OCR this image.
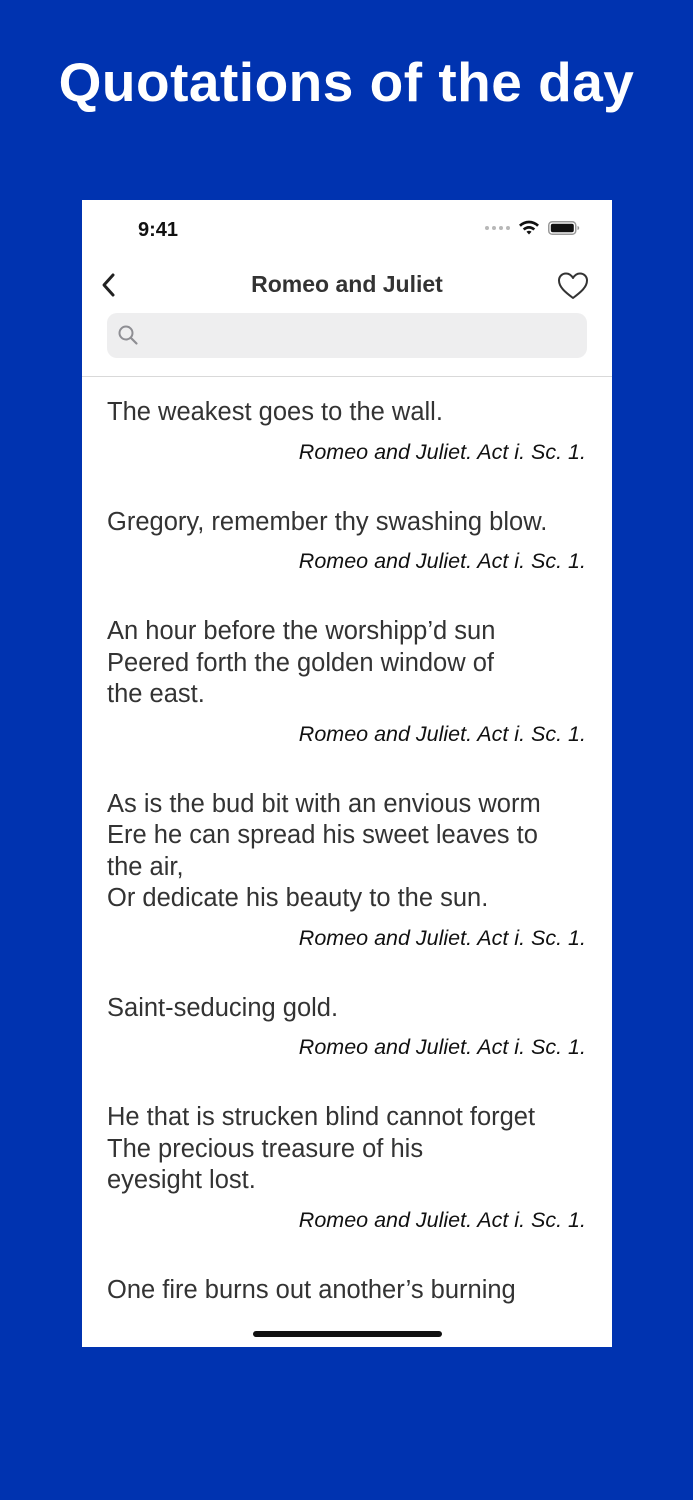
Quotations of the day
9:41
Romeo and Juliet
The weakest goes to the wall.
Romeo and Juliet. Act i. Sc. 1.
Gregory, remember thy swashing blow.
Romeo and Juliet. Act i. Sc. 1.
An hour before the worshipp’d sun
Peered forth the golden window of
the east.
Romeo and Juliet. Act i. Sc. 1.
As is the bud bit with an envious worm
Ere he can spread his sweet leaves to
the air,
Or dedicate his beauty to the sun.
Romeo and Juliet. Act i. Sc. 1.
Saint-seducing gold.
Romeo and Juliet. Act i. Sc. 1.
He that is strucken blind cannot forget
The precious treasure of his
eyesight lost.
Romeo and Juliet. Act i. Sc. 1.
One fire burns out another’s burning
